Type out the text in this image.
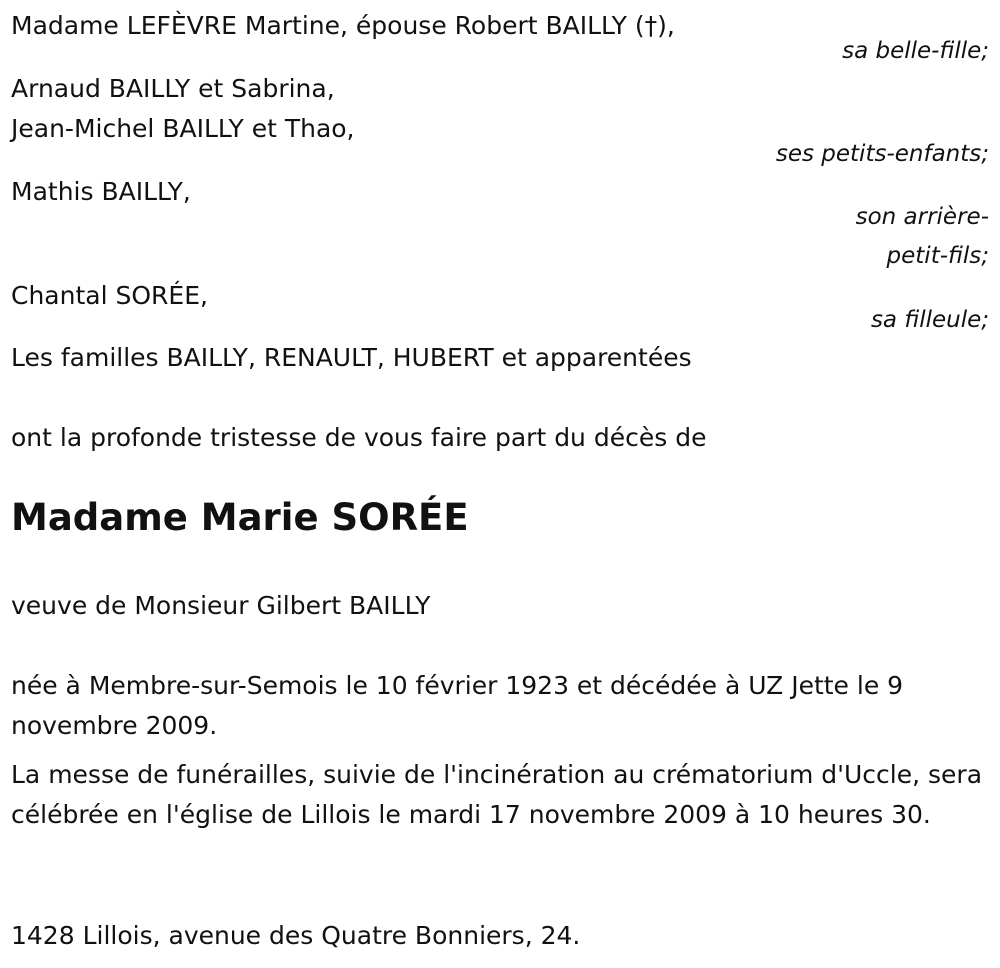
Madame LEFÈVRE Martine, épouse Robert BAILLY (†),
sa belle-fille;
Arnaud BAILLY et Sabrina,
Jean-Michel BAILLY et Thao,
ses petits-enfants;
Mathis BAILLY,
son arrière-
petit-fils;
Chantal SORÉE,
sa filleule;
Les familles BAILLY, RENAULT, HUBERT et apparentées
ont la profonde tristesse de vous faire part du décès de
Madame Marie SORÉE
veuve de Monsieur Gilbert BAILLY
née à Membre-sur-Semois le 10 février 1923 et décédée à UZ Jette le 9 novembre 2009.
La messe de funérailles, suivie de l'incinération au crématorium d'Uccle, sera célébrée en l'église de Lillois le mardi 17 novembre 2009 à 10 heures 30.
1428 Lillois, avenue des Quatre Bonniers, 24.
